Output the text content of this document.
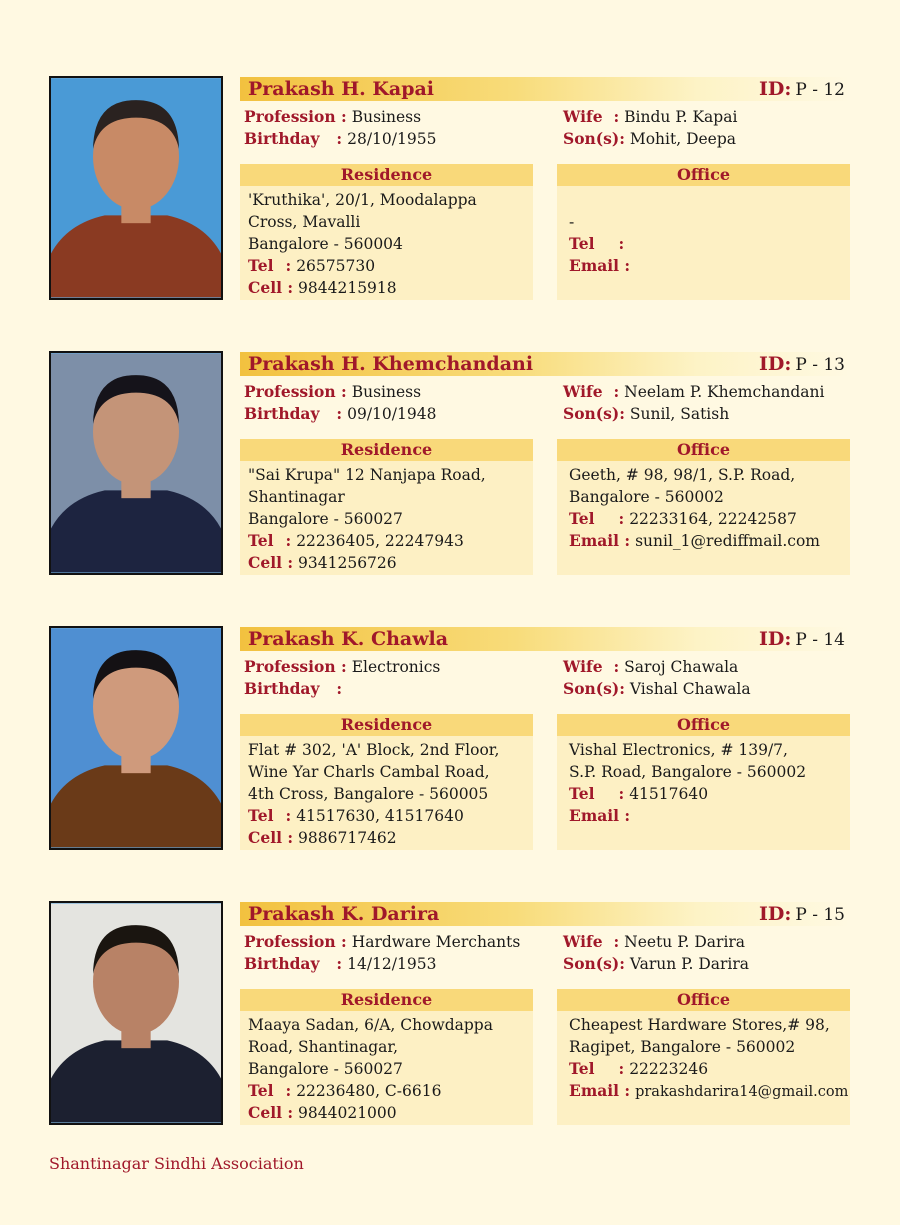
Prakash H. Kapai	ID: P - 12
Profession : Business
Birthday : 28/10/1955
Wife : Bindu P. Kapai
Son(s): Mohit, Deepa
Residence
'Kruthika', 20/1, Moodalappa
Cross, Mavalli
Bangalore - 560004
Tel : 26575730
Cell : 9844215918
Office
-
Tel :
Email :
Prakash H. Khemchandani	ID: P - 13
Profession : Business
Birthday : 09/10/1948
Wife : Neelam P. Khemchandani
Son(s): Sunil, Satish
Residence
"Sai Krupa" 12 Nanjapa Road,
Shantinagar
Bangalore - 560027
Tel : 22236405, 22247943
Cell : 9341256726
Office
Geeth, # 98, 98/1, S.P. Road,
Bangalore - 560002
Tel : 22233164, 22242587
Email : sunil_1@rediffmail.com
Prakash K. Chawla	ID: P - 14
Profession : Electronics
Birthday :
Wife : Saroj Chawala
Son(s): Vishal Chawala
Residence
Flat # 302, 'A' Block, 2nd Floor,
Wine Yar Charls Cambal Road,
4th Cross, Bangalore - 560005
Tel : 41517630, 41517640
Cell : 9886717462
Office
Vishal Electronics, # 139/7,
S.P. Road, Bangalore - 560002
Tel : 41517640
Email :
Prakash K. Darira	ID: P - 15
Profession : Hardware Merchants
Birthday : 14/12/1953
Wife : Neetu P. Darira
Son(s): Varun P. Darira
Residence
Maaya Sadan, 6/A, Chowdappa
Road, Shantinagar,
Bangalore - 560027
Tel : 22236480, C-6616
Cell : 9844021000
Office
Cheapest Hardware Stores,# 98,
Ragipet, Bangalore - 560002
Tel : 22223246
Email : prakashdarira14@gmail.com
Shantinagar Sindhi Association
